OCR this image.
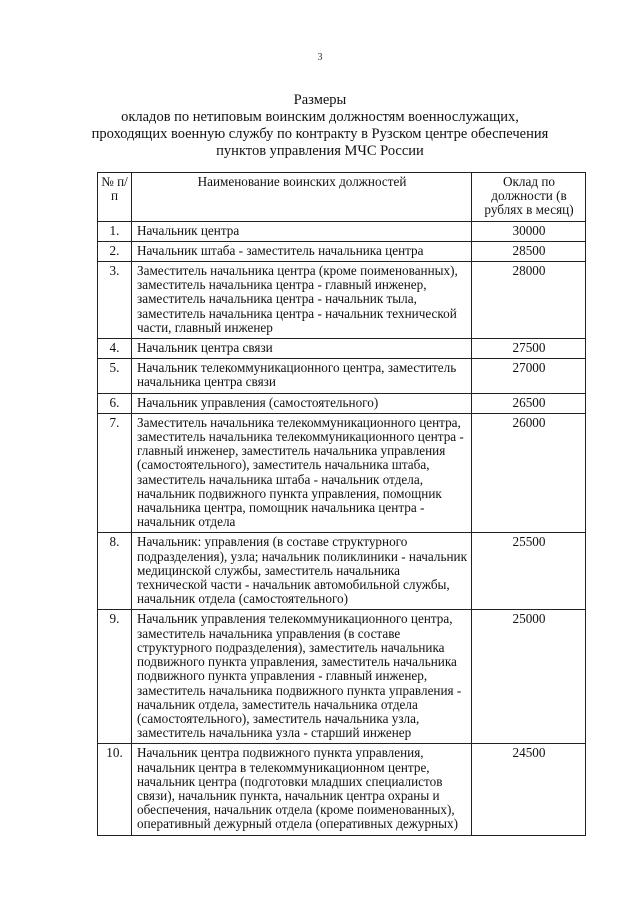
3
Размеры
окладов по нетиповым воинским должностям военнослужащих,
проходящих военную службу по контракту в Рузском центре обеспечения
пунктов управления МЧС России
№ п/п	Наименование воинских должностей	Оклад по должности (в рублях в месяц)
1.	Начальник центра	30000
2.	Начальник штаба - заместитель начальника центра	28500
3.	Заместитель начальника центра (кроме поименованных), заместитель начальника центра - главный инженер, заместитель начальника центра - начальник тыла, заместитель начальника центра - начальник технической части, главный инженер	28000
4.	Начальник центра связи	27500
5.	Начальник телекоммуникационного центра, заместитель начальника центра связи	27000
6.	Начальник управления (самостоятельного)	26500
7.	Заместитель начальника телекоммуникационного центра, заместитель начальника телекоммуникационного центра - главный инженер, заместитель начальника управления (самостоятельного), заместитель начальника штаба, заместитель начальника штаба - начальник отдела, начальник подвижного пункта управления, помощник начальника центра, помощник начальника центра - начальник отдела	26000
8.	Начальник: управления (в составе структурного подразделения), узла; начальник поликлиники - начальник медицинской службы, заместитель начальника технической части - начальник автомобильной службы, начальник отдела (самостоятельного)	25500
9.	Начальник управления телекоммуникационного центра, заместитель начальника управления (в составе структурного подразделения), заместитель начальника подвижного пункта управления, заместитель начальника подвижного пункта управления - главный инженер, заместитель начальника подвижного пункта управления - начальник отдела, заместитель начальника отдела (самостоятельного), заместитель начальника узла, заместитель начальника узла - старший инженер	25000
10.	Начальник центра подвижного пункта управления, начальник центра в телекоммуникационном центре, начальник центра (подготовки младших специалистов связи), начальник пункта, начальник центра охраны и обеспечения, начальник отдела (кроме поименованных), оперативный дежурный отдела (оперативных дежурных)	24500
